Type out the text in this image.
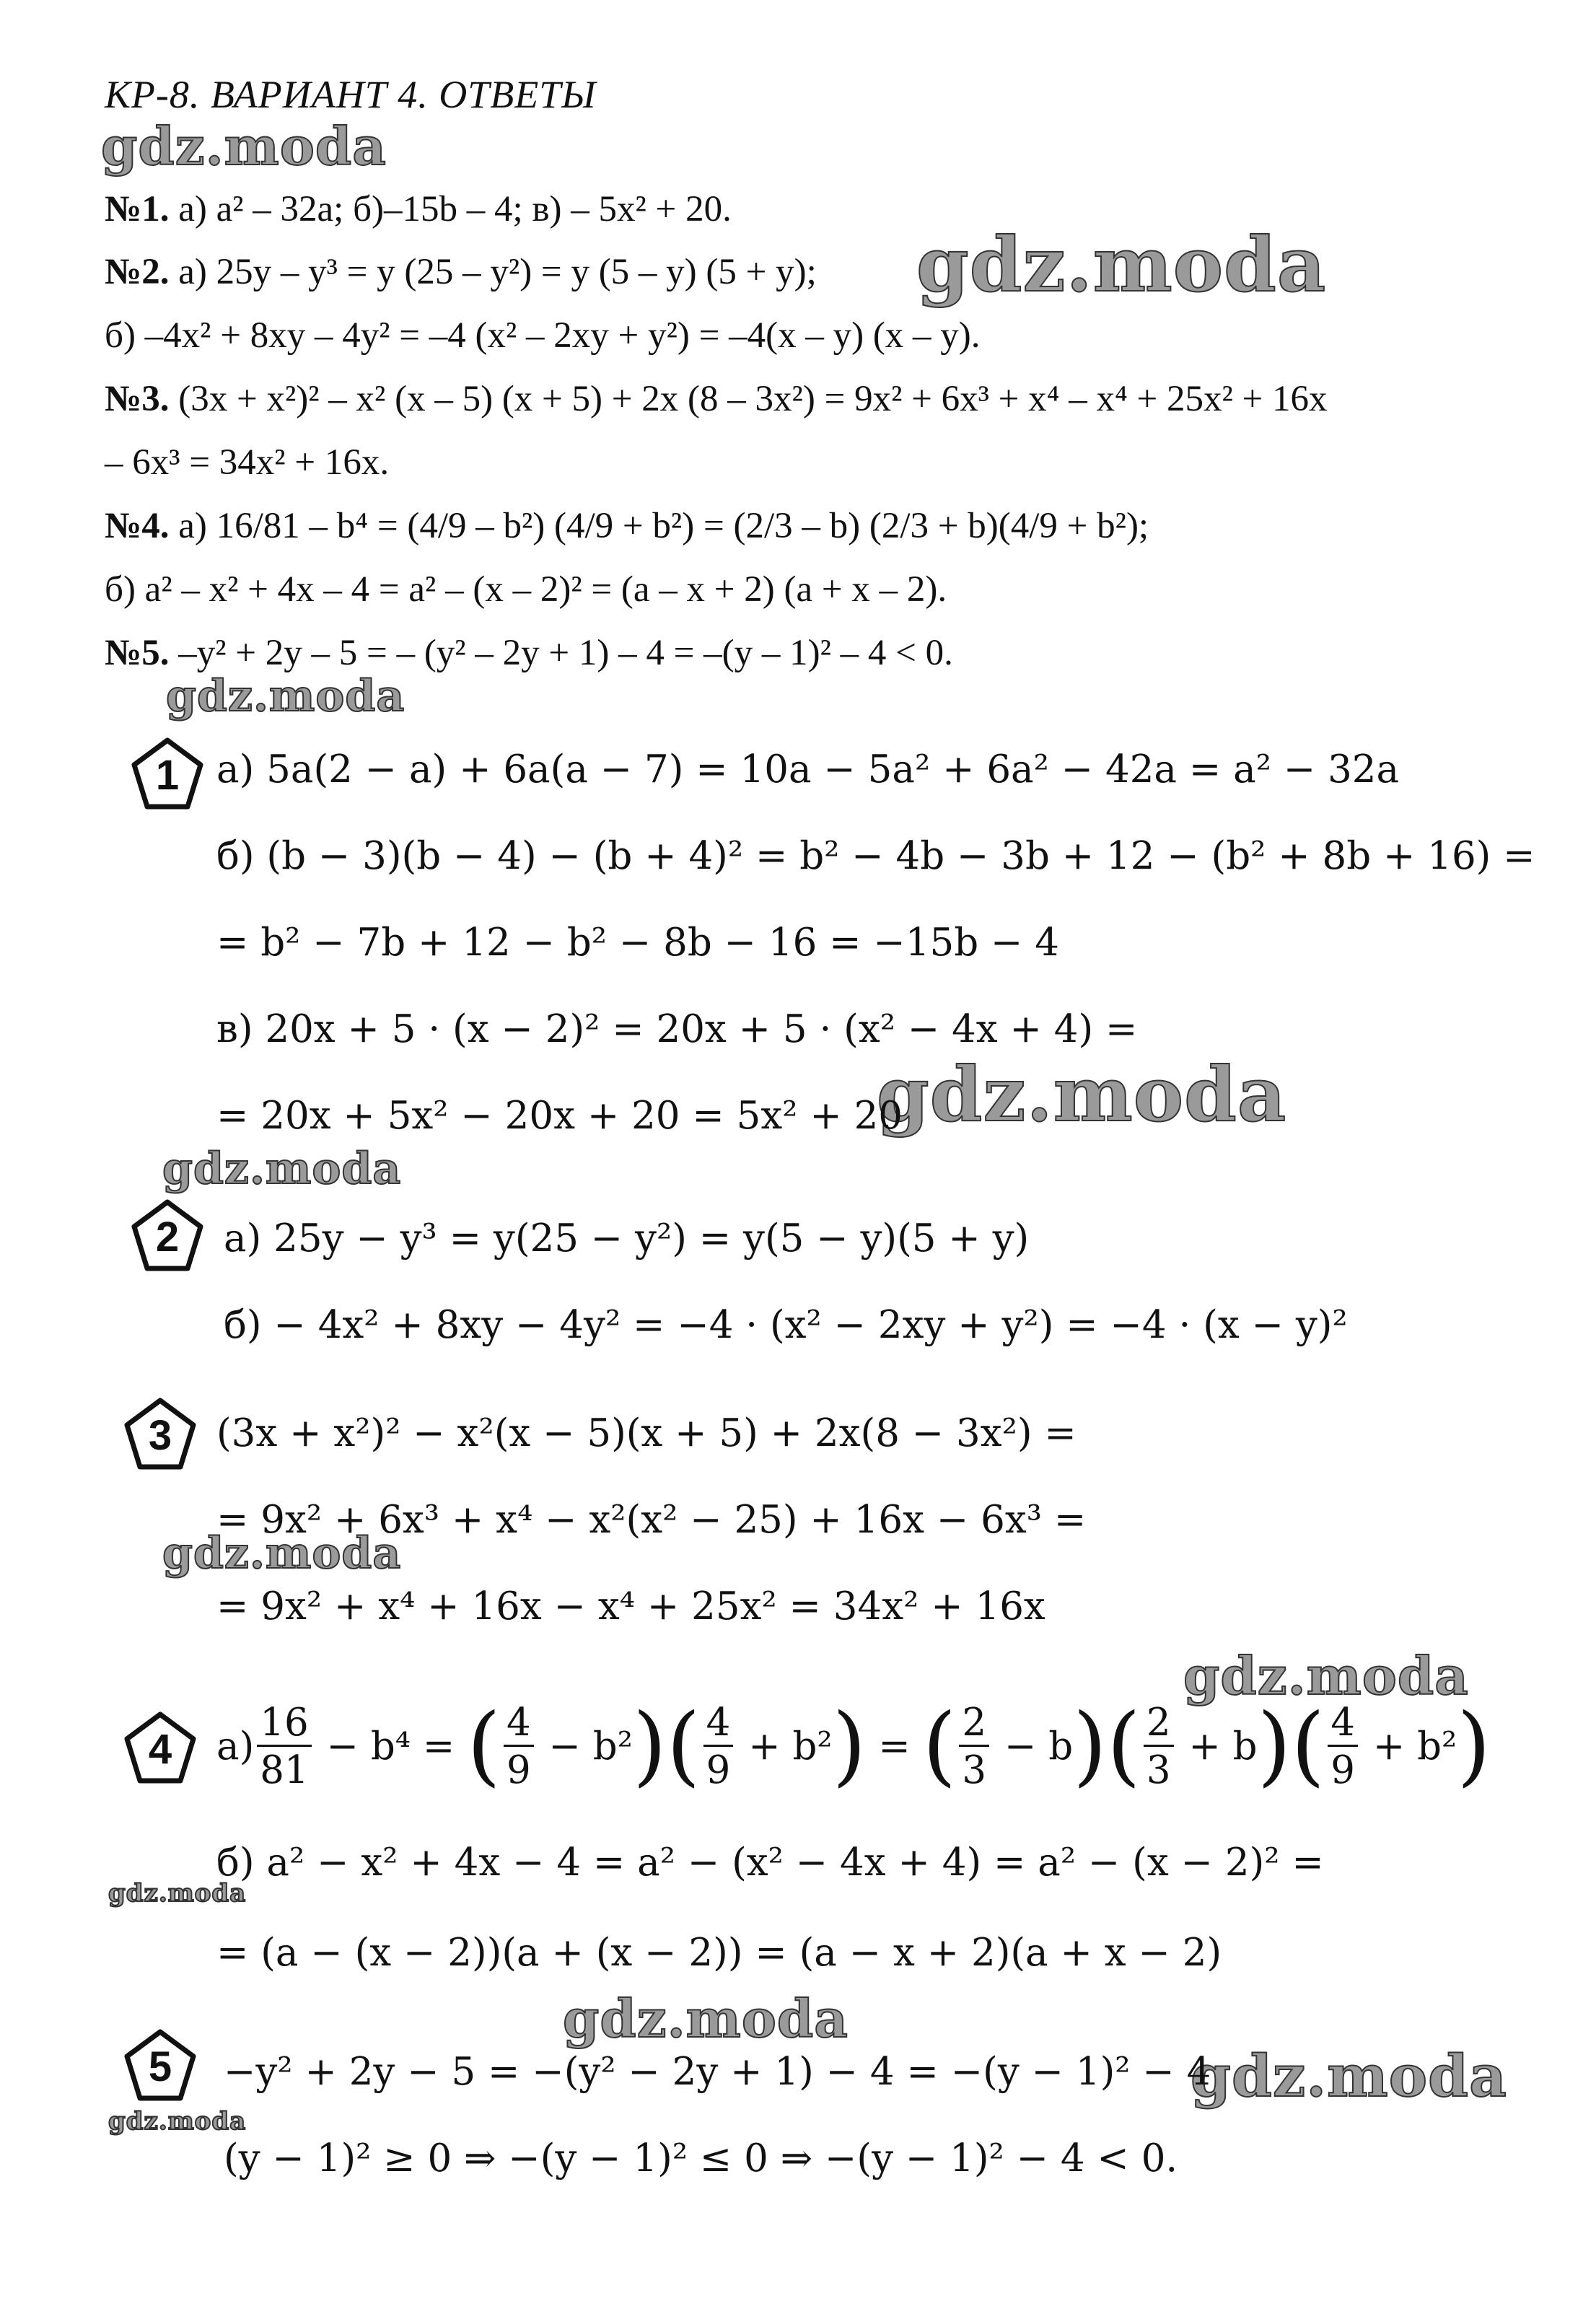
КР-8. ВАРИАНТ 4. ОТВЕТЫ
gdz.moda
gdz.moda
gdz.moda
gdz.moda
gdz.moda
gdz.moda
gdz.moda
gdz.moda
gdz.moda
gdz.moda
gdz.moda
№1. а) a² – 32a; б)–15b – 4; в) – 5x² + 20.
№2. а) 25y – y³ = y (25 – y²) = y (5 – y) (5 + y);
б) –4x² + 8xy – 4y² = –4 (x² – 2xy + y²) = –4(x – y) (x – y).
№3. (3x + x²)² – x² (x – 5) (x + 5) + 2x (8 – 3x²) = 9x² + 6x³ + x⁴ – x⁴ + 25x² + 16x
– 6x³ = 34x² + 16x.
№4. а) 16/81 – b⁴ = (4/9 – b²) (4/9 + b²) = (2/3 – b) (2/3 + b)(4/9 + b²);
б) a² – x² + 4x – 4 = a² – (x – 2)² = (a – x + 2) (a + x – 2).
№5. –y² + 2y – 5 = – (y² – 2y + 1) – 4 = –(y – 1)² – 4 < 0.
1 а) 5a(2 − a) + 6a(a − 7) = 10a − 5a² + 6a² − 42a = a² − 32a
б) (b − 3)(b − 4) − (b + 4)² = b² − 4b − 3b + 12 − (b² + 8b + 16) =
= b² − 7b + 12 − b² − 8b − 16 = −15b − 4
в) 20x + 5 · (x − 2)² = 20x + 5 · (x² − 4x + 4) =
= 20x + 5x² − 20x + 20 = 5x² + 20
2	а) 25y − y³ = y(25 − y²) = y(5 − y)(5 + y)
б) − 4x² + 8xy − 4y² = −4 · (x² − 2xy + y²) = −4 · (x − y)²
3	(3x + x²)² − x²(x − 5)(x + 5) + 2x(8 − 3x²) =
= 9x² + 6x³ + x⁴ − x²(x² − 25) + 16x − 6x³ =
= 9x² + x⁴ + 16x − x⁴ + 25x² = 34x² + 16x
4	а)
16
81
− b⁴ = ( 4
9
− b² ) ( 4
9
+ b² ) = ( 2
3
− b ) ( 2
3
+ b ) ( 4
9
+ b² )
б) a² − x² + 4x − 4 = a² − (x² − 4x + 4) = a² − (x − 2)² =
= (a − (x − 2))(a + (x − 2)) = (a − x + 2)(a + x − 2)
5	−y² + 2y − 5 = −(y² − 2y + 1) − 4 = −(y − 1)² − 4
(y − 1)² ≥ 0 ⇒ −(y − 1)² ≤ 0 ⇒ −(y − 1)² − 4 < 0.
